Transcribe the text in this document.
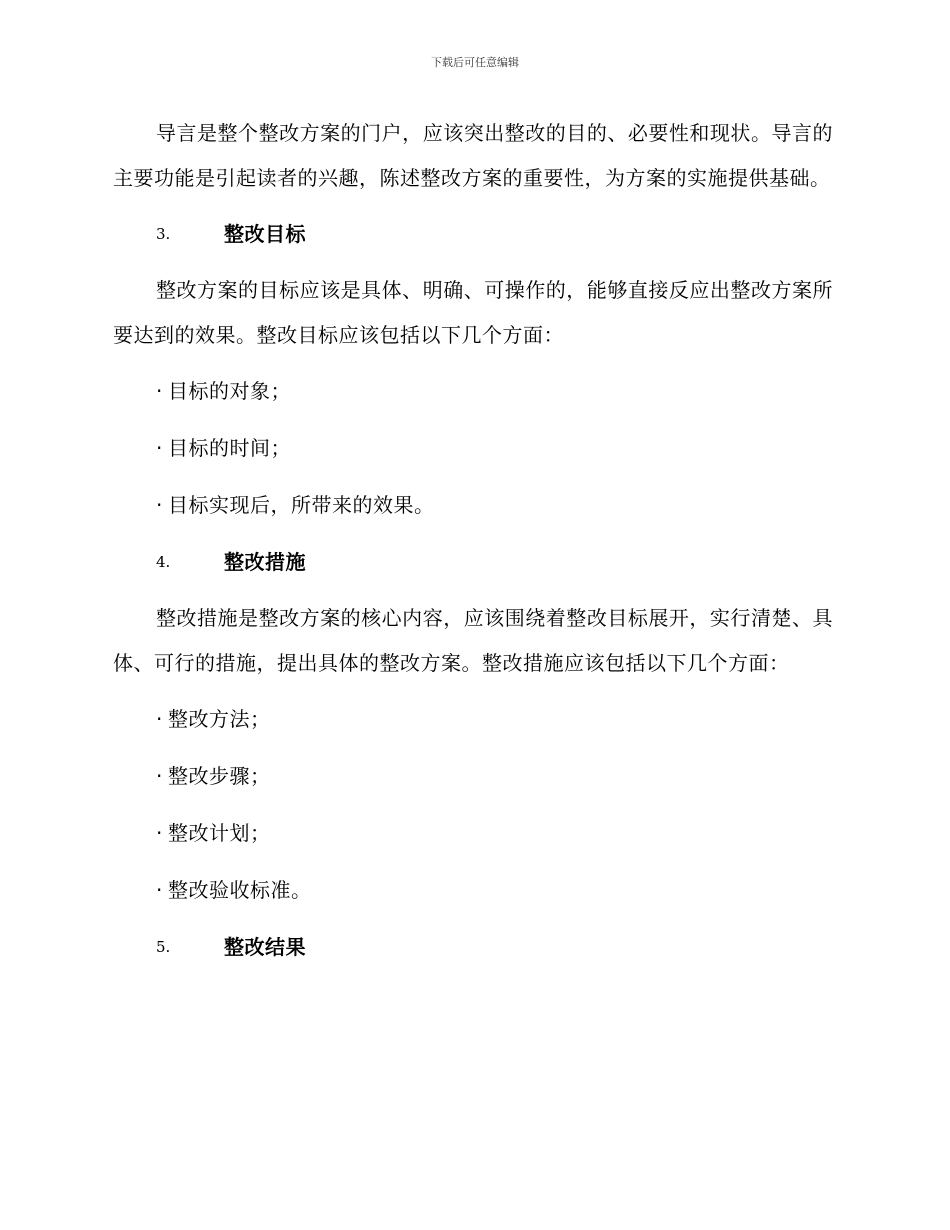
下载后可任意编辑

导言是整个整改方案的门户，应该突出整改的目的、必要性和现状。导言的主要功能是引起读者的兴趣，陈述整改方案的重要性，为方案的实施提供基础。

3.	整改目标

整改方案的目标应该是具体、明确、可操作的，能够直接反应出整改方案所要达到的效果。整改目标应该包括以下几个方面：

· 目标的对象；
· 目标的时间；
· 目标实现后，所带来的效果。
4.	整改措施

整改措施是整改方案的核心内容，应该围绕着整改目标展开，实行清楚、具体、可行的措施，提出具体的整改方案。整改措施应该包括以下几个方面：

· 整改方法；
· 整改步骤；
· 整改计划；
· 整改验收标准。
5.	整改结果
